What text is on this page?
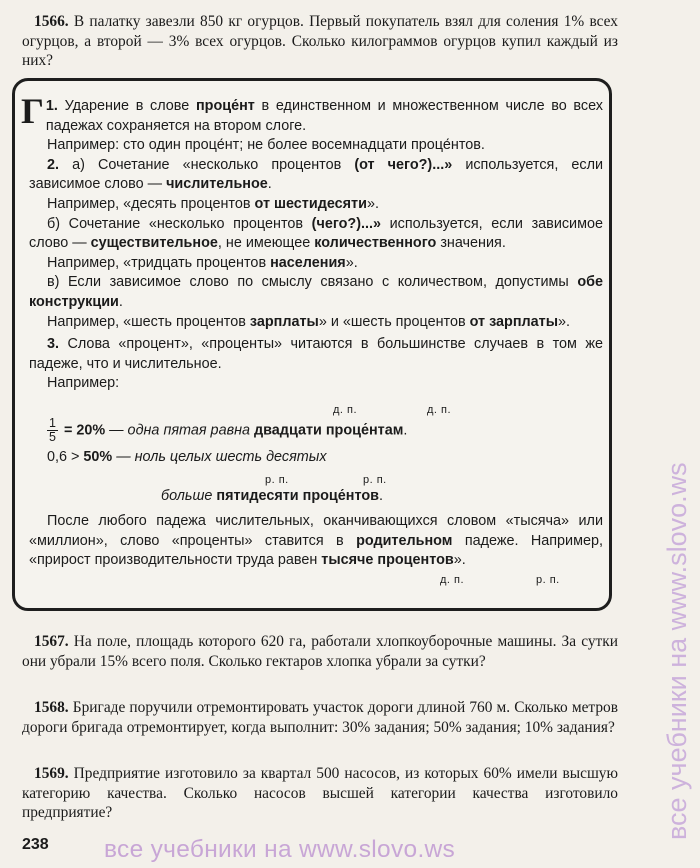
1566. В палатку завезли 850 кг огурцов. Первый покупатель взял для соления 1% всех огурцов, а второй — 3% всех огурцов. Сколько килограммов огурцов купил каждый из них?

Г 1. Ударение в слове проце́нт в единственном и множественном числе во всех падежах сохраняется на втором слоге.

Например: сто один проце́нт; не более восемнадцати проце́нтов.

2. а) Сочетание «несколько процентов (от чего?)...» используется, если зависимое слово — числительное.

Например, «десять процентов от шестидесяти».

б) Сочетание «несколько процентов (чего?)...» используется, если зависимое слово — существительное, не имеющее количественного значения.

Например, «тридцать процентов населения».

в) Если зависимое слово по смыслу связано с количеством, допустимы обе конструкции.

Например, «шесть процентов зарплаты» и «шесть процентов от зарплаты».

3. Слова «процент», «проценты» читаются в большинстве случаев в том же падеже, что и числительное.

Например:

д. п.	д. п.

$\frac{1}{5} = 20\%$ — одна пятая равна двадцати проце́нтам.

0,6 > 50% — ноль целых шесть десятых

р. п.	р. п.

больше пятидесяти проце́нтов.

После любого падежа числительных, оканчивающихся словом «тысяча» или «миллион», слово «проценты» ставится в родительном падеже. Например, «прирост производительности труда равен тысяче процентов».

д. п.	р. п.
1567. На поле, площадь которого 620 га, работали хлопкоуборочные машины. За сутки они убрали 15% всего поля. Сколько гектаров хлопка убрали за сутки?
1568. Бригаде поручили отремонтировать участок дороги длиной 760 м. Сколько метров дороги бригада отремонтирует, когда выполнит: 30% задания; 50% задания; 10% задания?
1569. Предприятие изготовило за квартал 500 насосов, из которых 60% имели высшую категорию качества. Сколько насосов высшей категории качества изготовило предприятие?
238 все учебники на www.slovo.ws
все учебники на www.slovo.ws
